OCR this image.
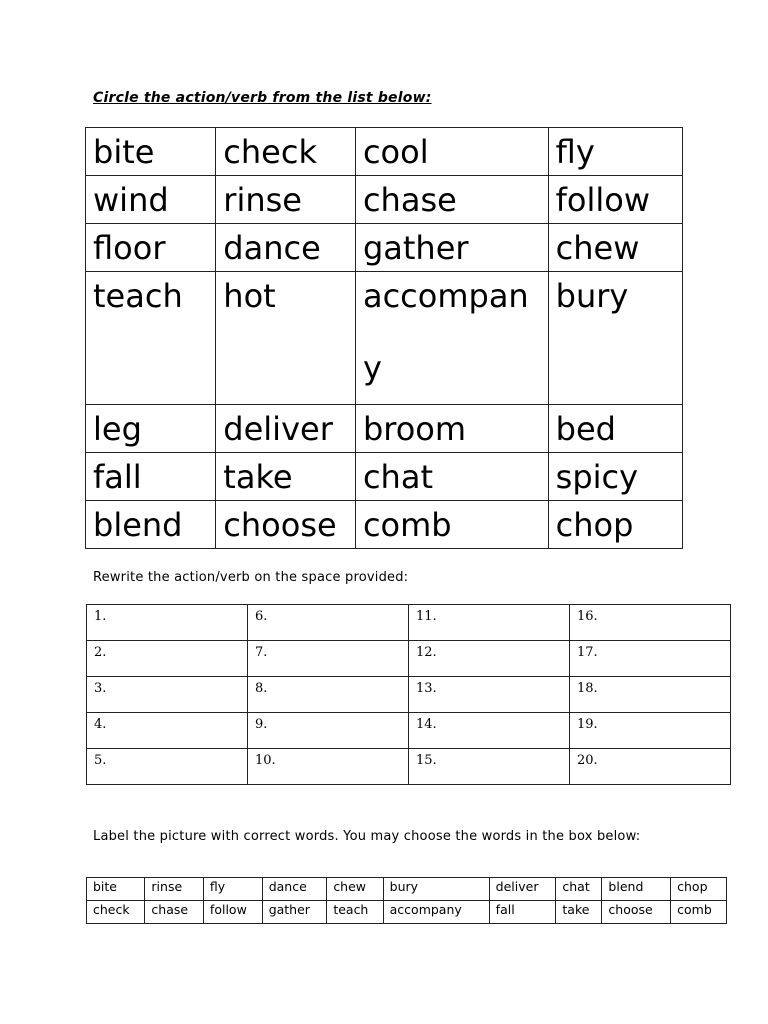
Circle the action/verb from the list below:
bite	check	cool	fly
wind	rinse	chase	follow
floor	dance	gather	chew
teach	hot	accompany	bury
leg	deliver	broom	bed
fall	take	chat	spicy
blend	choose	comb	chop
Rewrite the action/verb on the space provided:
1.	6.	11.	16.
2.	7.	12.	17.
3.	8.	13.	18.
4.	9.	14.	19.
5.	10.	15.	20.
Label the picture with correct words. You may choose the words in the box below:
bite	rinse	fly	dance	chew	bury	deliver	chat	blend	chop
check	chase	follow	gather	teach	accompany	fall	take	choose	comb
